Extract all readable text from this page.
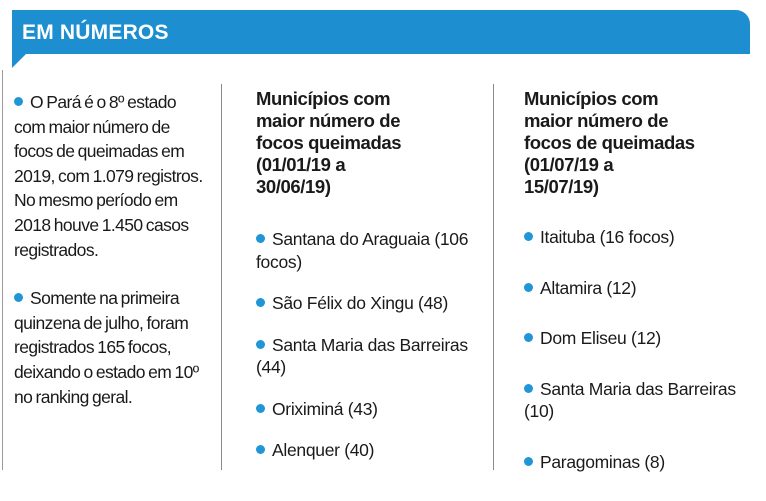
EM NÚMEROS

O Pará é o 8º estado com maior número de focos de queimadas em 2019, com 1.079 registros. No mesmo período em 2018 houve 1.450 casos registrados.

Somente na primeira quinzena de julho, foram registrados 165 focos, deixando o estado em 10º no ranking geral.

Municípios com
maior número de
focos queimadas
(01/01/19 a
30/06/19)
Santana do Araguaia (106 focos)
São Félix do Xingu (48)
Santa Maria das Barreiras (44)
Oriximiná (43)
Alenquer (40)
Municípios com
maior número de
focos de queimadas
(01/07/19 a
15/07/19)
Itaituba (16 focos)
Altamira (12)
Dom Eliseu (12)
Santa Maria das Barreiras (10)
Paragominas (8)
